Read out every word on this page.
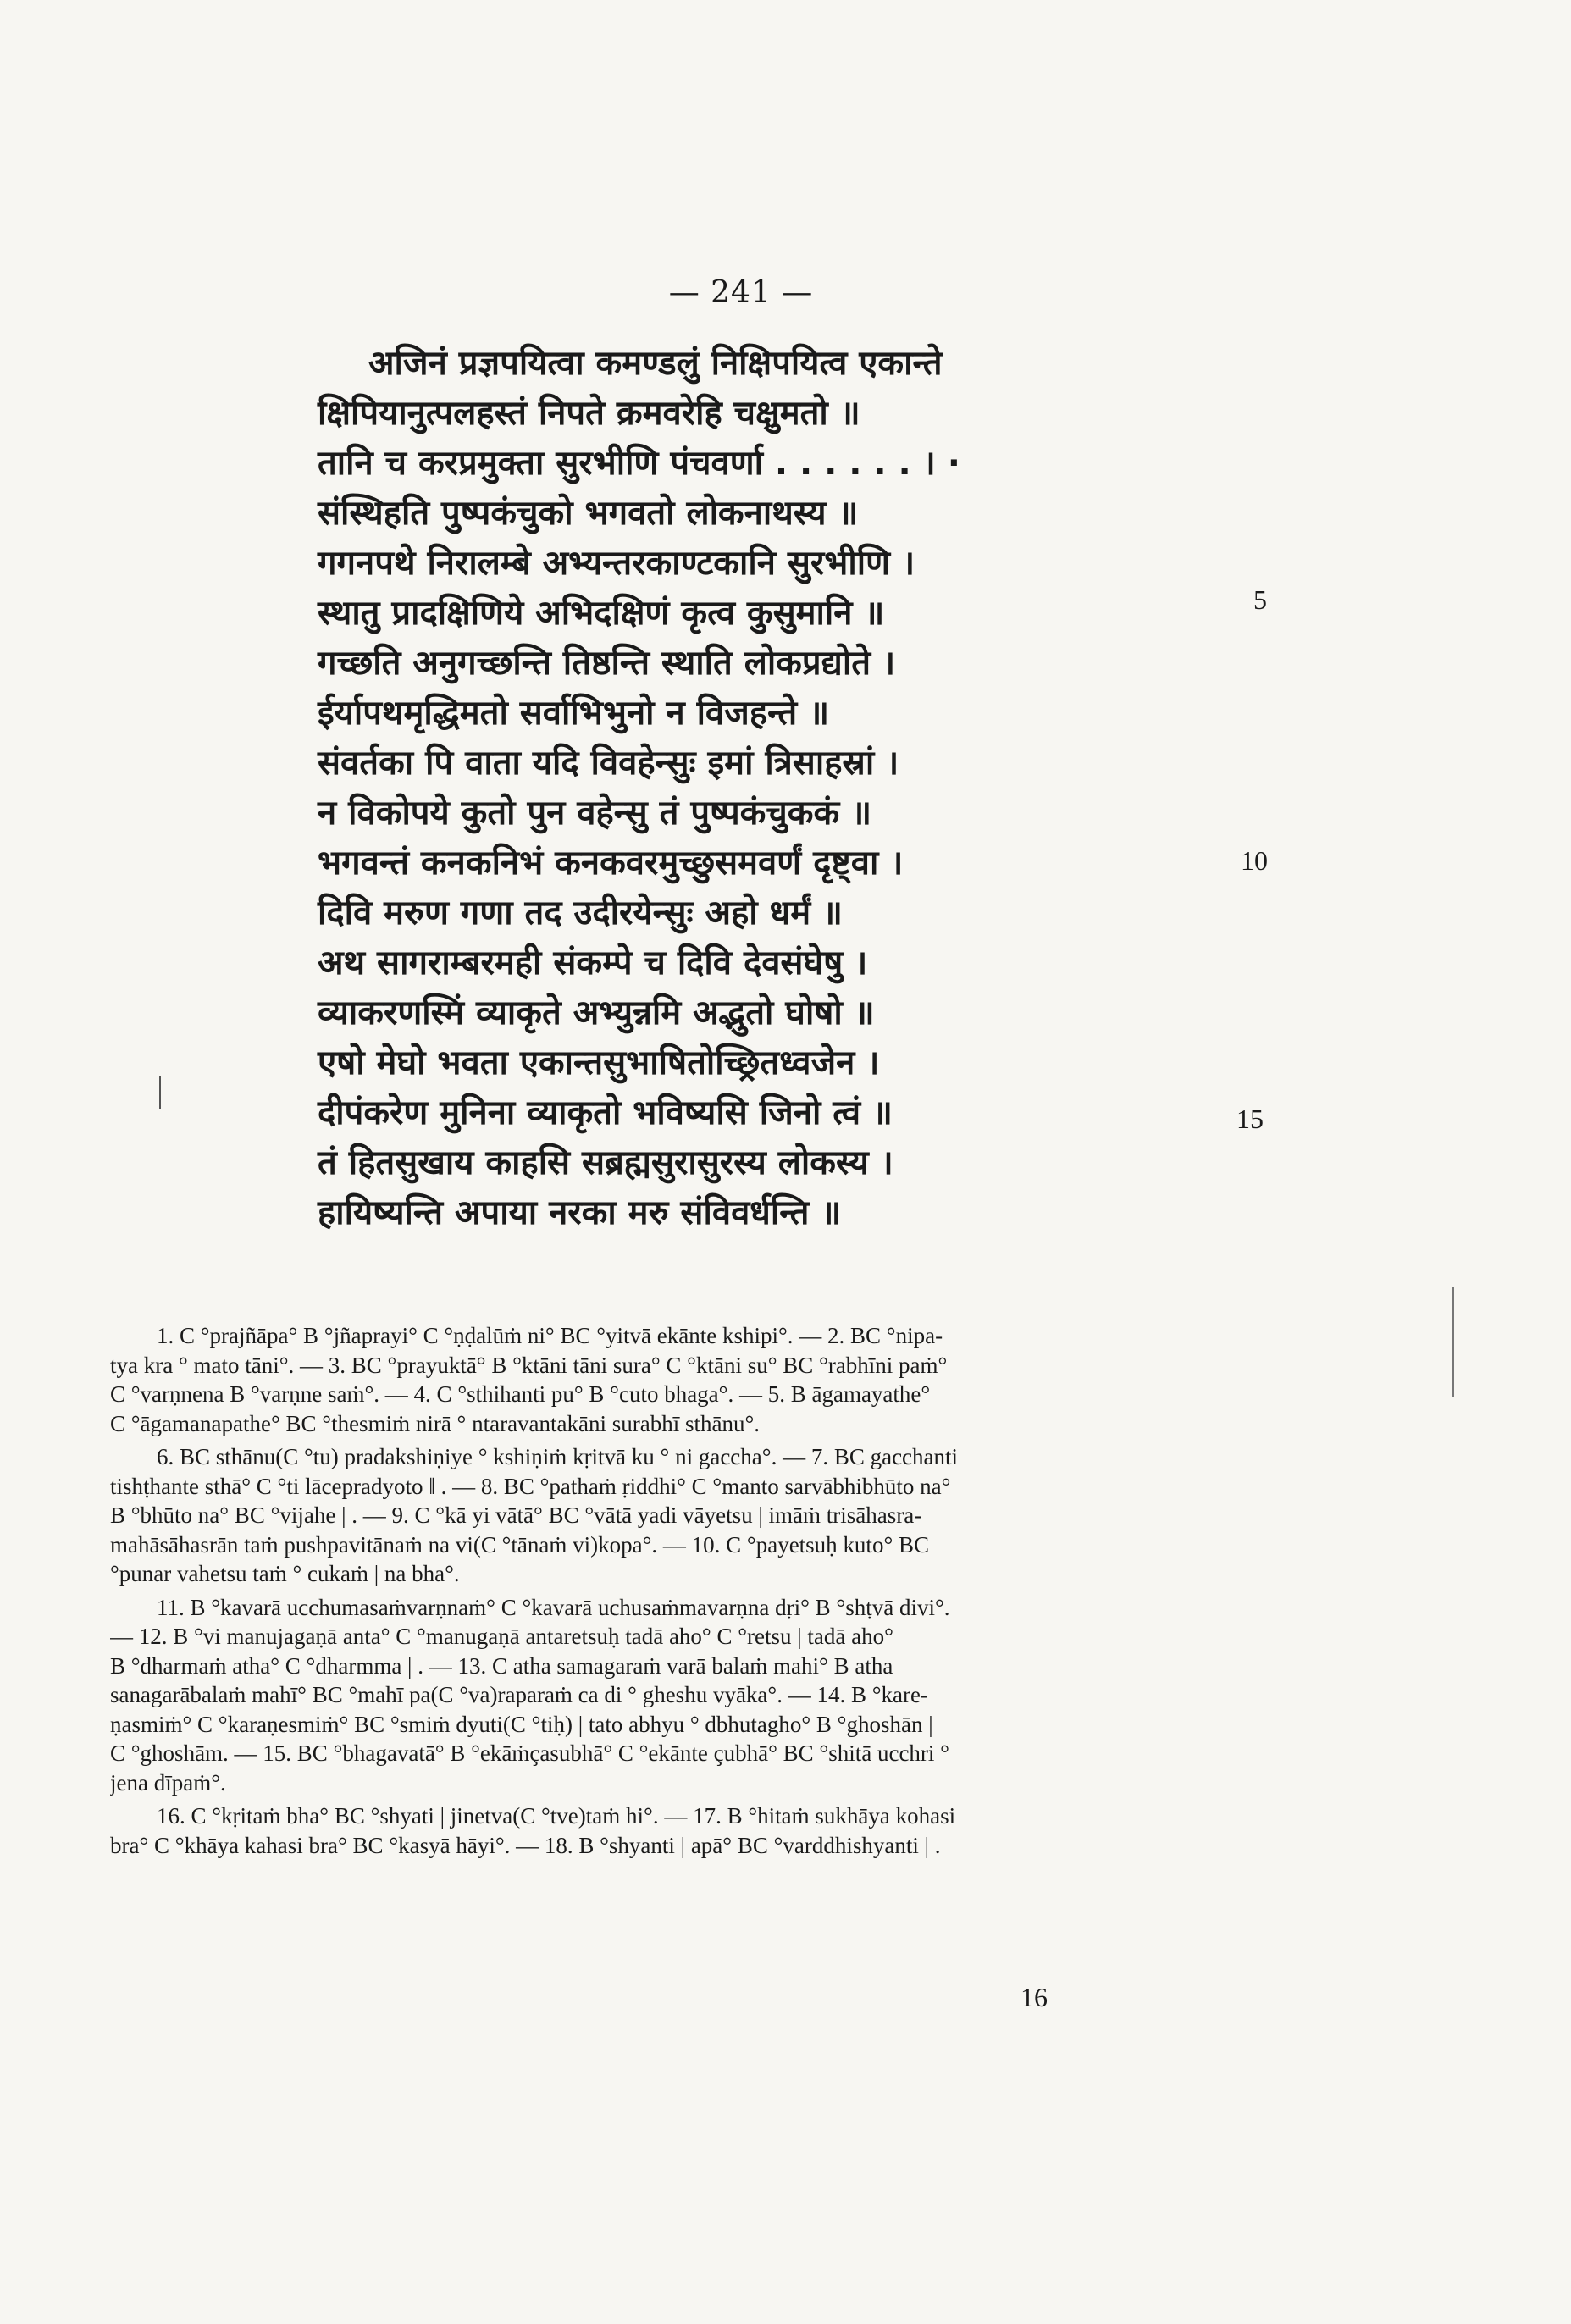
— 241 —
अजिनं प्रज्ञपयित्वा कमण्डलुं निक्षिपयित्व एकान्ते
क्षिपियानुत्पलहस्तं निपते क्रमवरेहि चक्षुमतो ॥
तानि च करप्रमुक्ता सुरभीणि पंचवर्णा . . . . . . । ·
संस्थिहति पुष्पकंचुको भगवतो लोकनाथस्य ॥
गगनपथे निरालम्बे अभ्यन्तरकाण्टकानि सुरभीणि ।
स्थातु प्रादक्षिणिये अभिदक्षिणं कृत्व कुसुमानि ॥
गच्छति अनुगच्छन्ति तिष्ठन्ति स्थाति लोकप्रद्योते ।
ईर्यापथमृद्धिमतो सर्वाभिभुनो न विजहन्ते ॥
संवर्तका पि वाता यदि विवहेन्सुः इमां त्रिसाहस्रां ।
न विकोपये कुतो पुन वहेन्सु तं पुष्पकंचुककं ॥
भगवन्तं कनकनिभं कनकवरमुच्छुसमवर्णं दृष्ट्वा ।
दिवि मरुण गणा तद उदीरयेन्सुः अहो धर्मं ॥
अथ सागराम्बरमही संकम्पे च दिवि देवसंघेषु ।
व्याकरणस्मिं व्याकृते अभ्युन्नमि अद्भुतो घोषो ॥
एषो मेघो भवता एकान्तसुभाषितोच्छ्रितध्वजेन ।
दीपंकरेण मुनिना व्याकृतो भविष्यसि जिनो त्वं ॥
तं हितसुखाय काहसि सब्रह्मसुरासुरस्य लोकस्य ।
हायिष्यन्ति अपाया नरका मरु संविवर्धन्ति ॥
5
10
15
1. C °prajñāpa° B °jñaprayi° C °ṇḍalūṁ ni° BC °yitvā ekānte kshipi°. — 2. BC °nipa-
tya kra ° mato tāni°. — 3. BC °prayuktā° B °ktāni tāni sura° C °ktāni su° BC °rabhīni paṁ°
C °varṇnena B °varṇne saṁ°. — 4. C °sthihanti pu° B °cuto bhaga°. — 5. B āgamayathe°
C °āgamanapathe° BC °thesmiṁ nirā ° ntaravantakāni surabhī sthānu°.
6. BC sthānu(C °tu) pradakshiṇiye ° kshiṇiṁ kṛitvā ku ° ni gaccha°. — 7. BC gacchanti
tishṭhante sthā° C °ti lācepradyoto ‖ . — 8. BC °pathaṁ ṛiddhi° C °manto sarvābhibhūto na°
B °bhūto na° BC °vijahe | . — 9. C °kā yi vātā° BC °vātā yadi vāyetsu | imāṁ trisāhasra-
mahāsāhasrān taṁ pushpavitānaṁ na vi(C °tānaṁ vi)kopa°. — 10. C °payetsuḥ kuto° BC
°punar vahetsu taṁ ° cukaṁ | na bha°.
11. B °kavarā ucchumasaṁvarṇnaṁ° C °kavarā uchusaṁmavarṇna dṛi° B °shṭvā divi°.
— 12. B °vi manujagaṇā anta° C °manugaṇā antaretsuḥ tadā aho° C °retsu | tadā aho°
B °dharmaṁ atha° C °dharmma | . — 13. C atha samagaraṁ varā balaṁ mahi° B atha
sanagarābalaṁ mahī° BC °mahī pa(C °va)raparaṁ ca di ° gheshu vyāka°. — 14. B °kare-
ṇasmiṁ° C °karaṇesmiṁ° BC °smiṁ dyuti(C °tiḥ) | tato abhyu ° dbhutagho° B °ghoshān |
C °ghoshām. — 15. BC °bhagavatā° B °ekāṁçasubhā° C °ekānte çubhā° BC °shitā ucchri °
jena dīpaṁ°.
16. C °kṛitaṁ bha° BC °shyati | jinetva(C °tve)taṁ hi°. — 17. B °hitaṁ sukhāya kohasi
bra° C °khāya kahasi bra° BC °kasyā hāyi°. — 18. B °shyanti | apā° BC °varddhishyanti | .
16
